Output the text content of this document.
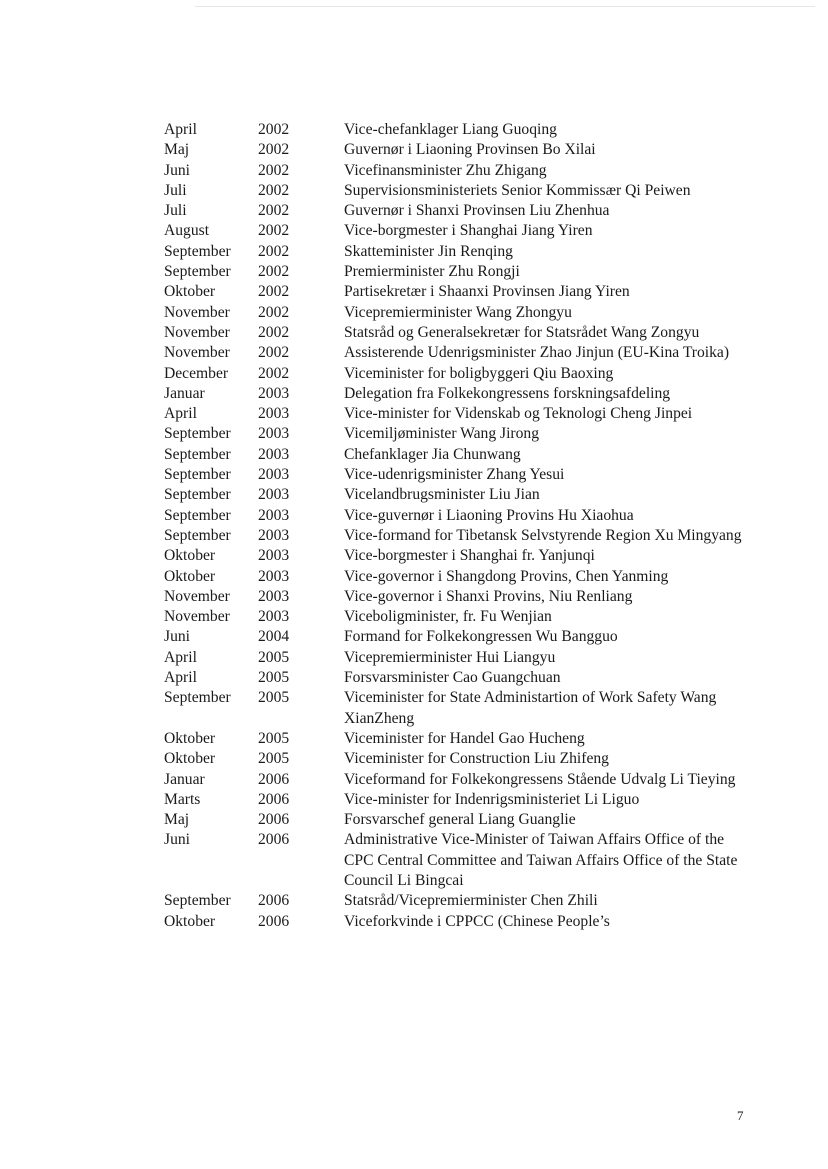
April	2002	Vice-chefanklager Liang Guoqing
Maj	2002	Guvernør i Liaoning Provinsen Bo Xilai
Juni	2002	Vicefinansminister Zhu Zhigang
Juli	2002	Supervisionsministeriets Senior Kommissær Qi Peiwen
Juli	2002	Guvernør i Shanxi Provinsen Liu Zhenhua
August	2002	Vice-borgmester i Shanghai Jiang Yiren
September	2002	Skatteminister Jin Renqing
September	2002	Premierminister Zhu Rongji
Oktober	2002	Partisekretær i Shaanxi Provinsen Jiang Yiren
November	2002	Vicepremierminister Wang Zhongyu
November	2002	Statsråd og Generalsekretær for Statsrådet Wang Zongyu
November	2002	Assisterende Udenrigsminister Zhao Jinjun (EU-Kina Troika)
December	2002	Viceminister for boligbyggeri Qiu Baoxing
Januar	2003	Delegation fra Folkekongressens forskningsafdeling
April	2003	Vice-minister for Videnskab og Teknologi Cheng Jinpei
September	2003	Vicemiljøminister Wang Jirong
September	2003	Chefanklager Jia Chunwang
September	2003	Vice-udenrigsminister Zhang Yesui
September	2003	Vicelandbrugsminister Liu Jian
September	2003	Vice-guvernør i Liaoning Provins Hu Xiaohua
September	2003	Vice-formand for Tibetansk Selvstyrende Region Xu Mingyang
Oktober	2003	Vice-borgmester i Shanghai fr. Yanjunqi
Oktober	2003	Vice-governor i Shangdong Provins, Chen Yanming
November	2003	Vice-governor i Shanxi Provins, Niu Renliang
November	2003	Viceboligminister, fr. Fu Wenjian
Juni	2004	Formand for Folkekongressen Wu Bangguo
April	2005	Vicepremierminister Hui Liangyu
April	2005	Forsvarsminister Cao Guangchuan
September	2005	Viceminister for State Administartion of Work Safety Wang XianZheng
Oktober	2005	Viceminister for Handel Gao Hucheng
Oktober	2005	Viceminister for Construction Liu Zhifeng
Januar	2006	Viceformand for Folkekongressens Stående Udvalg Li Tieying
Marts	2006	Vice-minister for Indenrigsministeriet Li Liguo
Maj	2006	Forsvarschef general Liang Guanglie
Juni	2006	Administrative Vice-Minister of Taiwan Affairs Office of the CPC Central Committee and Taiwan Affairs Office of the State Council Li Bingcai
September	2006	Statsråd/Vicepremierminister Chen Zhili
Oktober	2006	Viceforkvinde i CPPCC (Chinese People’s
7
